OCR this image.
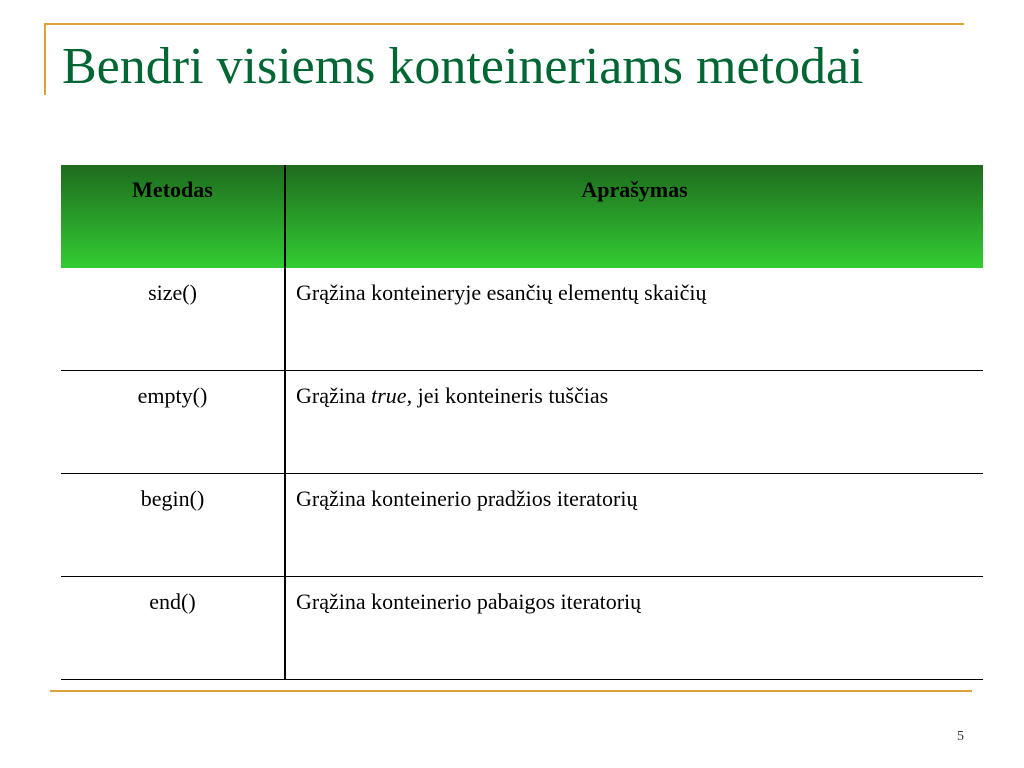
Bendri visiems konteineriams metodai
Metodas	Aprašymas
size()	Grąžina konteineryje esančių elementų skaičių
empty()	Grąžina true, jei konteineris tuščias
begin()	Grąžina konteinerio pradžios iteratorių
end()	Grąžina konteinerio pabaigos iteratorių
5
